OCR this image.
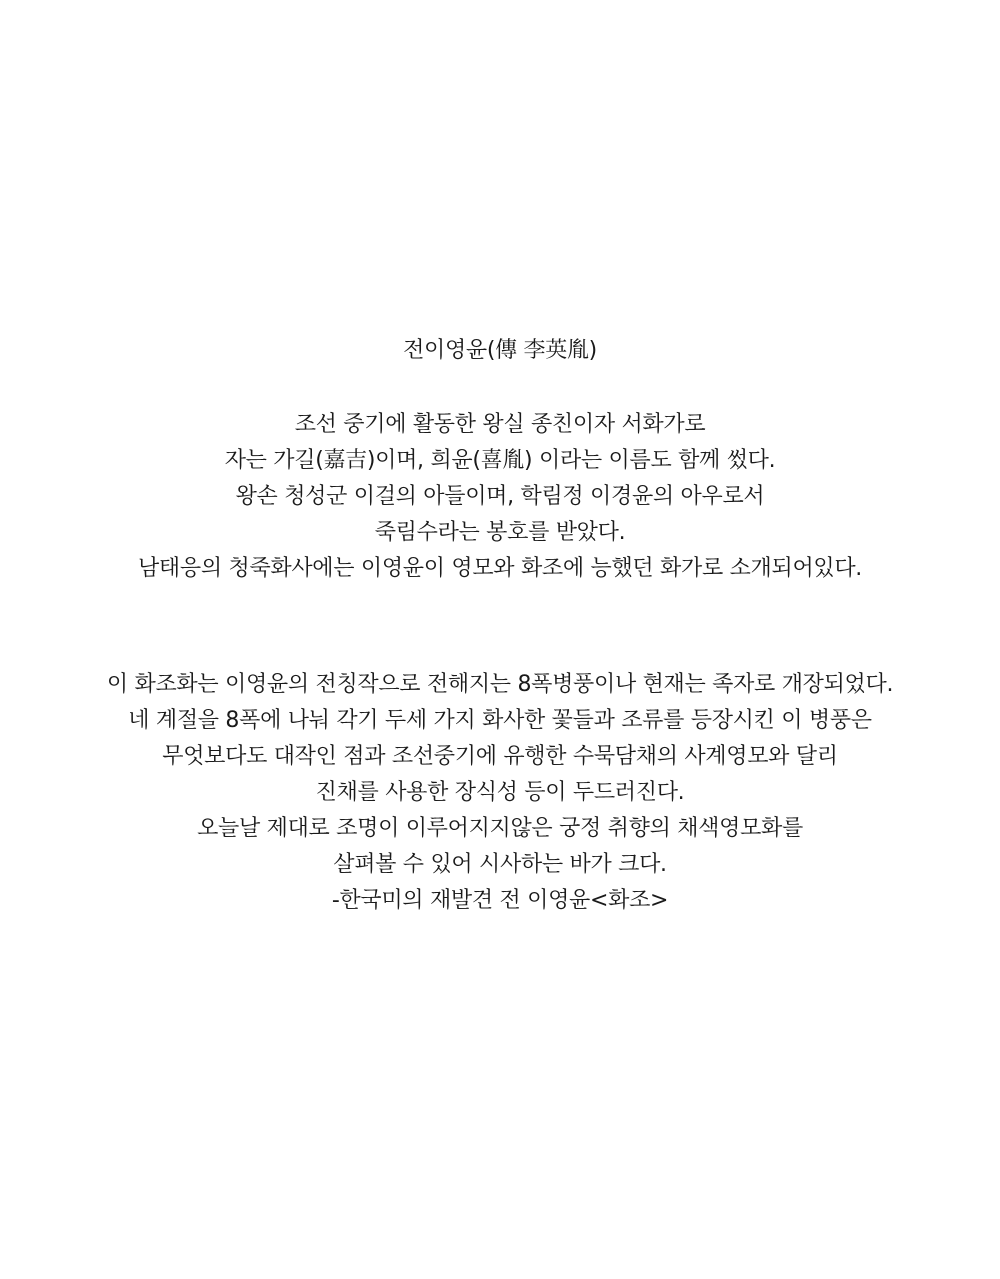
전이영윤(傳 李英胤)
조선 중기에 활동한 왕실 종친이자 서화가로
자는 가길(嘉吉)이며, 희윤(喜胤) 이라는 이름도 함께 썼다.
왕손 청성군 이걸의 아들이며, 학림정 이경윤의 아우로서
죽림수라는 봉호를 받았다.
남태응의 청죽화사에는 이영윤이 영모와 화조에 능했던 화가로 소개되어있다.
이 화조화는 이영윤의 전칭작으로 전해지는 8폭병풍이나 현재는 족자로 개장되었다.
네 계절을 8폭에 나눠 각기 두세 가지 화사한 꽃들과 조류를 등장시킨 이 병풍은
무엇보다도 대작인 점과 조선중기에 유행한 수묵담채의 사계영모와 달리
진채를 사용한 장식성 등이 두드러진다.
오늘날 제대로 조명이 이루어지지않은 궁정 취향의 채색영모화를
살펴볼 수 있어 시사하는 바가 크다.
-한국미의 재발견 전 이영윤<화조>
